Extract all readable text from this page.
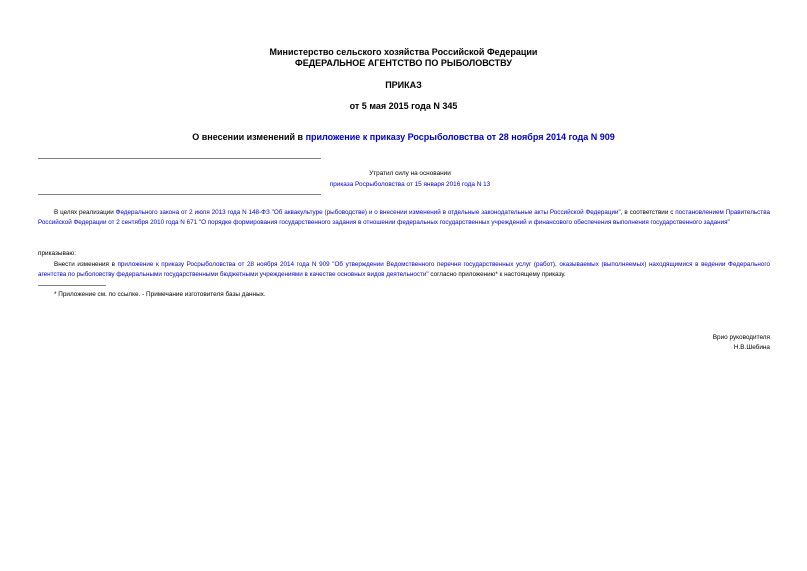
Министерство сельского хозяйства Российской Федерации
ФЕДЕРАЛЬНОЕ АГЕНТСТВО ПО РЫБОЛОВСТВУ
ПРИКАЗ
от 5 мая 2015 года N 345
О внесении изменений в приложение к приказу Росрыболовства от 28 ноября 2014 года N 909
Утратил силу на основании
приказа Росрыболовства от 15 января 2016 года N 13
В целях реализации Федерального закона от 2 июля 2013 года N 148-ФЗ "Об аквакультуре (рыбоводстве) и о внесении изменений в отдельные законодательные акты Российской Федерации", в соответствии с постановлением Правительства Российской Федерации от 2 сентября 2010 года N 671 "О порядке формирования государственного задания в отношении федеральных государственных учреждений и финансового обеспечения выполнения государственного задания"
приказываю:
Внести изменения в приложение к приказу Росрыболовства от 28 ноября 2014 года N 909 "Об утверждении Ведомственного перечня государственных услуг (работ), оказываемых (выполняемых) находящимися в ведении Федерального агентства по рыболовству федеральными государственными бюджетными учреждениями в качестве основных видов деятельности" согласно приложению* к настоящему приказу.
* Приложение см. по ссылке. - Примечание изготовителя базы данных.
Врио руководителя
Н.В.Шебина
